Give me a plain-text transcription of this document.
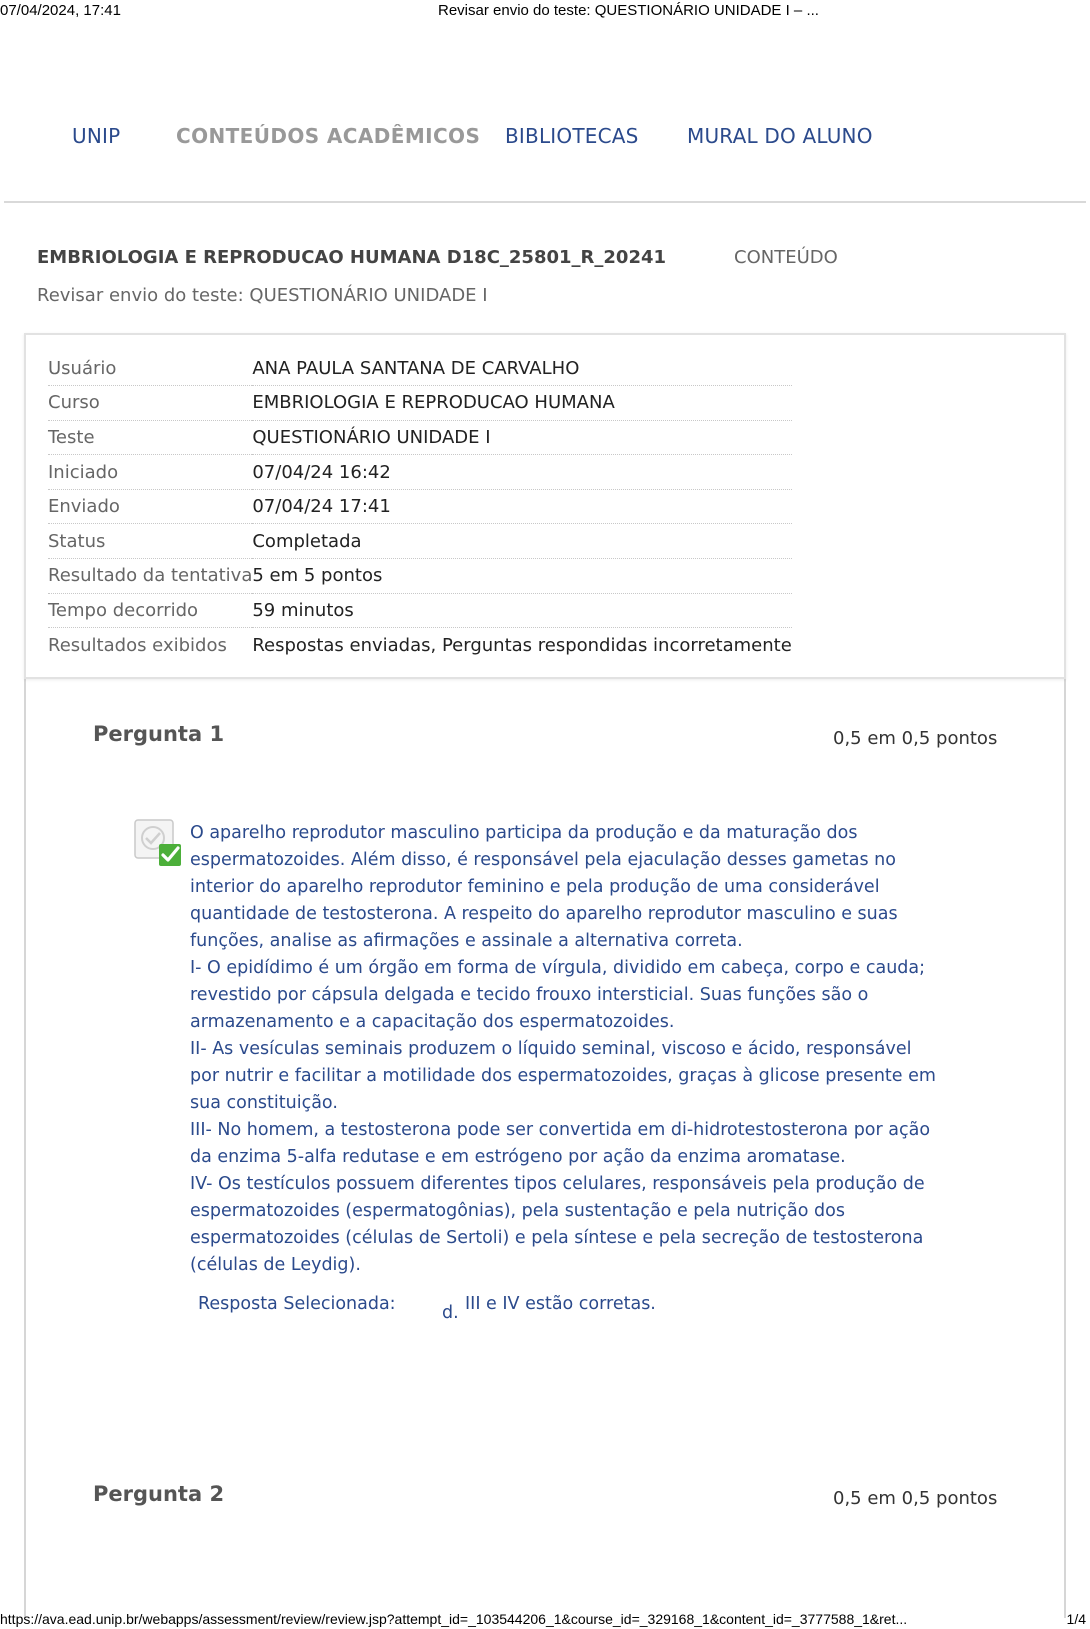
07/04/2024, 17:41	Revisar envio do teste: QUESTIONÁRIO UNIDADE I – ...
UNIP	CONTEÚDOS ACADÊMICOS BIBLIOTECAS MURAL DO ALUNO
EMBRIOLOGIA E REPRODUCAO HUMANA D18C_25801_R_20241	CONTEÚDO
Revisar envio do teste: QUESTIONÁRIO UNIDADE I
Usuário	ANA PAULA SANTANA DE CARVALHO
Curso	EMBRIOLOGIA E REPRODUCAO HUMANA
Teste	QUESTIONÁRIO UNIDADE I
Iniciado	07/04/24 16:42
Enviado	07/04/24 17:41
Status	Completada
Resultado da tentativa	5 em 5 pontos
Tempo decorrido	59 minutos
Resultados exibidos	Respostas enviadas, Perguntas respondidas incorretamente
Pergunta 1	0,5 em 0,5 pontos

O aparelho reprodutor masculino participa da produção e da maturação dos

espermatozoides. Além disso, é responsável pela ejaculação desses gametas no

interior do aparelho reprodutor feminino e pela produção de uma considerável

quantidade de testosterona. A respeito do aparelho reprodutor masculino e suas

funções, analise as afirmações e assinale a alternativa correta.

I- O epidídimo é um órgão em forma de vírgula, dividido em cabeça, corpo e cauda;

revestido por cápsula delgada e tecido frouxo intersticial. Suas funções são o

armazenamento e a capacitação dos espermatozoides.

II- As vesículas seminais produzem o líquido seminal, viscoso e ácido, responsável

por nutrir e facilitar a motilidade dos espermatozoides, graças à glicose presente em

sua constituição.

III- No homem, a testosterona pode ser convertida em di-hidrotestosterona por ação

da enzima 5-alfa redutase e em estrógeno por ação da enzima aromatase.

IV- Os testículos possuem diferentes tipos celulares, responsáveis pela produção de

espermatozoides (espermatogônias), pela sustentação e pela nutrição dos

espermatozoides (células de Sertoli) e pela síntese e pela secreção de testosterona

(células de Leydig).

Resposta Selecionada:	d. III e IV estão corretas.
Pergunta 2	0,5 em 0,5 pontos
https://ava.ead.unip.br/webapps/assessment/review/review.jsp?attempt_id=_103544206_1&course_id=_329168_1&content_id=_3777588_1&ret...	1/4
